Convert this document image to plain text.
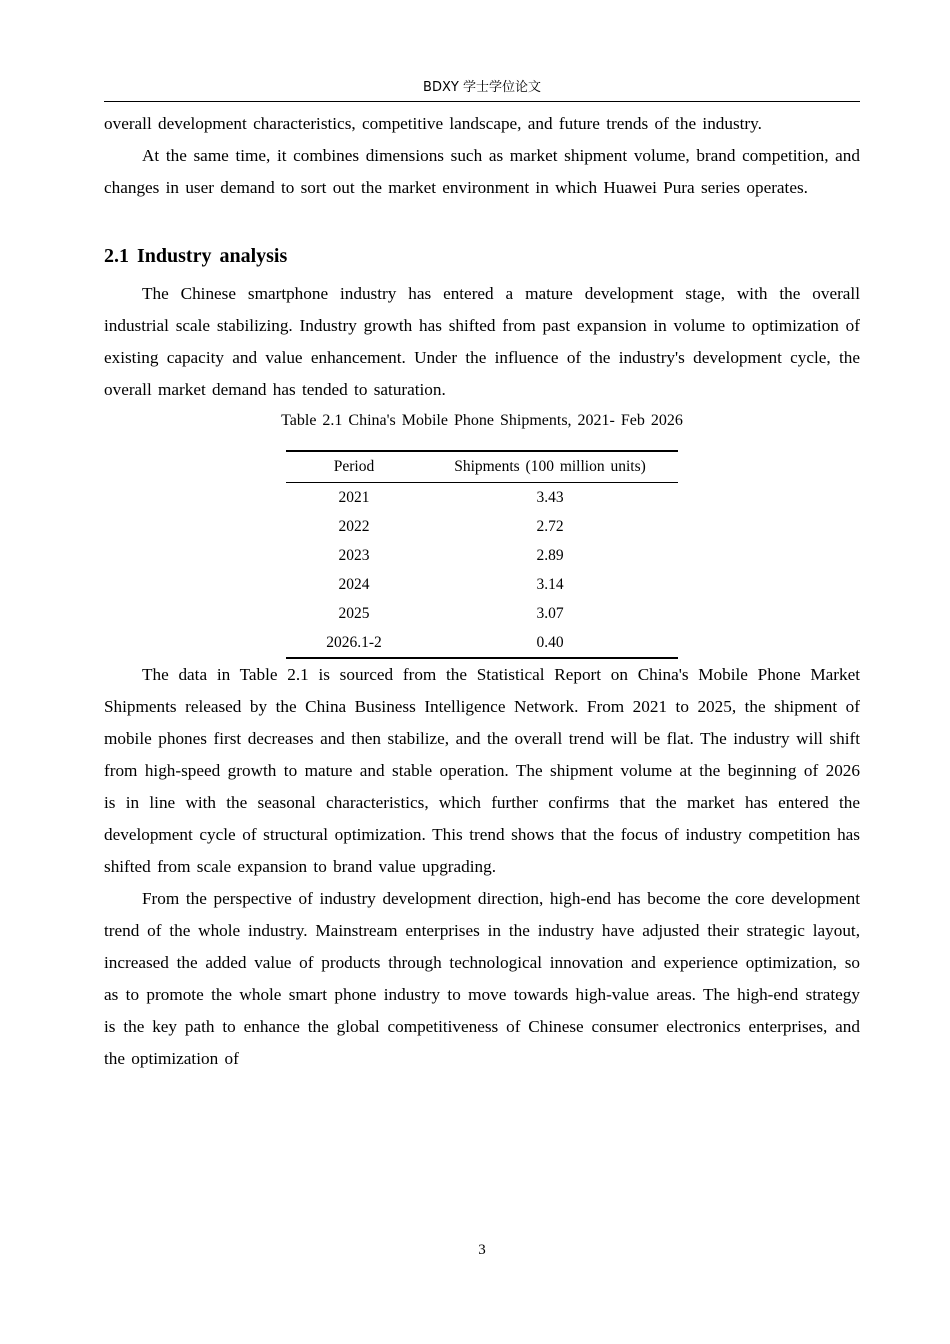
BDXY 学士学位论文

overall development characteristics, competitive landscape, and future trends of the industry.

At the same time, it combines dimensions such as market shipment volume, brand competition, and changes in user demand to sort out the market environment in which Huawei Pura series operates.

2.1 Industry analysis

The Chinese smartphone industry has entered a mature development stage, with the overall industrial scale stabilizing. Industry growth has shifted from past expansion in volume to optimization of existing capacity and value enhancement. Under the influence of the industry's development cycle, the overall market demand has tended to saturation.

Table 2.1 China's Mobile Phone Shipments, 2021- Feb 2026
Period	Shipments (100 million units)
2021	3.43
2022	2.72
2023	2.89
2024	3.14
2025	3.07
2026.1-2	0.40

The data in Table 2.1 is sourced from the Statistical Report on China's Mobile Phone Market Shipments released by the China Business Intelligence Network. From 2021 to 2025, the shipment of mobile phones first decreases and then stabilize, and the overall trend will be flat. The industry will shift from high-speed growth to mature and stable operation. The shipment volume at the beginning of 2026 is in line with the seasonal characteristics, which further confirms that the market has entered the development cycle of structural optimization. This trend shows that the focus of industry competition has shifted from scale expansion to brand value upgrading.

From the perspective of industry development direction, high-end has become the core development trend of the whole industry. Mainstream enterprises in the industry have adjusted their strategic layout, increased the added value of products through technological innovation and experience optimization, so as to promote the whole smart phone industry to move towards high-value areas. The high-end strategy is the key path to enhance the global competitiveness of Chinese consumer electronics enterprises, and the optimization of

3
